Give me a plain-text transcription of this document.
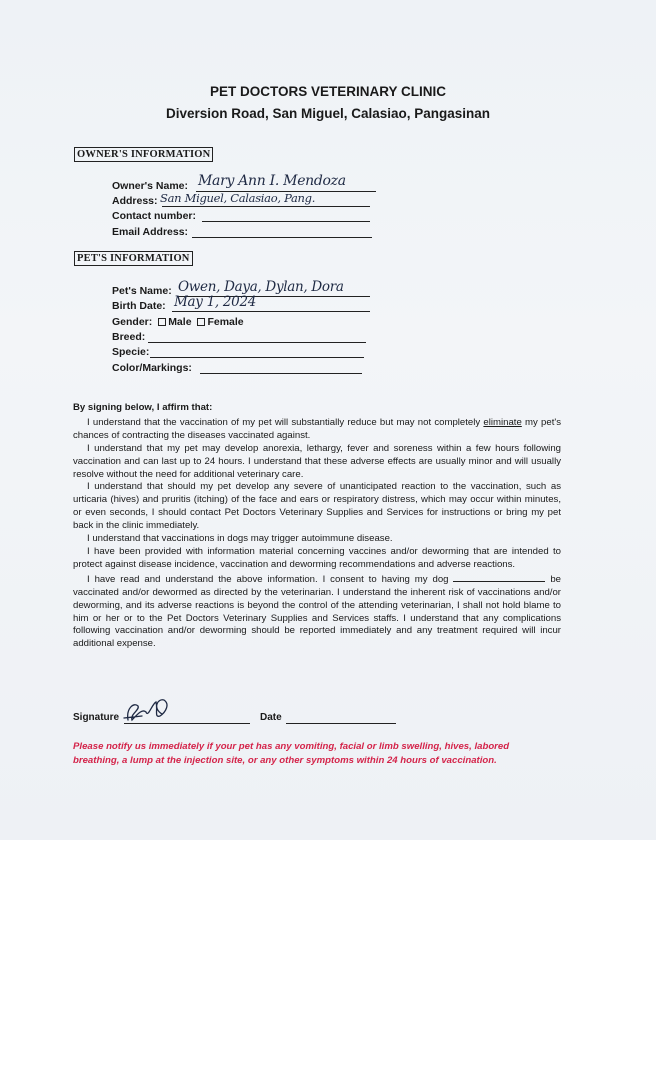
PET DOCTORS VETERINARY CLINIC
Diversion Road, San Miguel, Calasiao, Pangasinan
OWNER'S INFORMATION
Owner's Name: Mary Ann I. Mendoza
Address: San Miguel, Calasiao, Pang.
Contact number:
Email Address:
PET'S INFORMATION
Pet's Name: Owen, Daya, Dylan, Dora
Birth Date: May 1, 2024
Gender: Male Female
Breed:
Specie:
Color/Markings:

By signing below, I affirm that:

I understand that the vaccination of my pet will substantially reduce but may not completely eliminate my pet's chances of contracting the diseases vaccinated against.

I understand that my pet may develop anorexia, lethargy, fever and soreness within a few hours following vaccination and can last up to 24 hours. I understand that these adverse effects are usually minor and will usually resolve without the need for additional veterinary care.

I understand that should my pet develop any severe of unanticipated reaction to the vaccination, such as urticaria (hives) and pruritis (itching) of the face and ears or respiratory distress, which may occur within minutes, or even seconds, I should contact Pet Doctors Veterinary Supplies and Services for instructions or bring my pet back in the clinic immediately.

I understand that vaccinations in dogs may trigger autoimmune disease.

I have been provided with information material concerning vaccines and/or deworming that are intended to protect against disease incidence, vaccination and deworming recommendations and adverse reactions.

I have read and understand the above information. I consent to having my dog	be vaccinated and/or dewormed as directed by the veterinarian. I understand the inherent risk of vaccinations and/or deworming, and its adverse reactions is beyond the control of the attending veterinarian, I shall not hold blame to him or her or to the Pet Doctors Veterinary Supplies and Services staffs. I understand that any complications following vaccination and/or deworming should be reported immediately and any treatment required will incur additional expense.

Signature	Date
Please notify us immediately if your pet has any vomiting, facial or limb swelling, hives, labored breathing, a lump at the injection site, or any other symptoms within 24 hours of vaccination.
